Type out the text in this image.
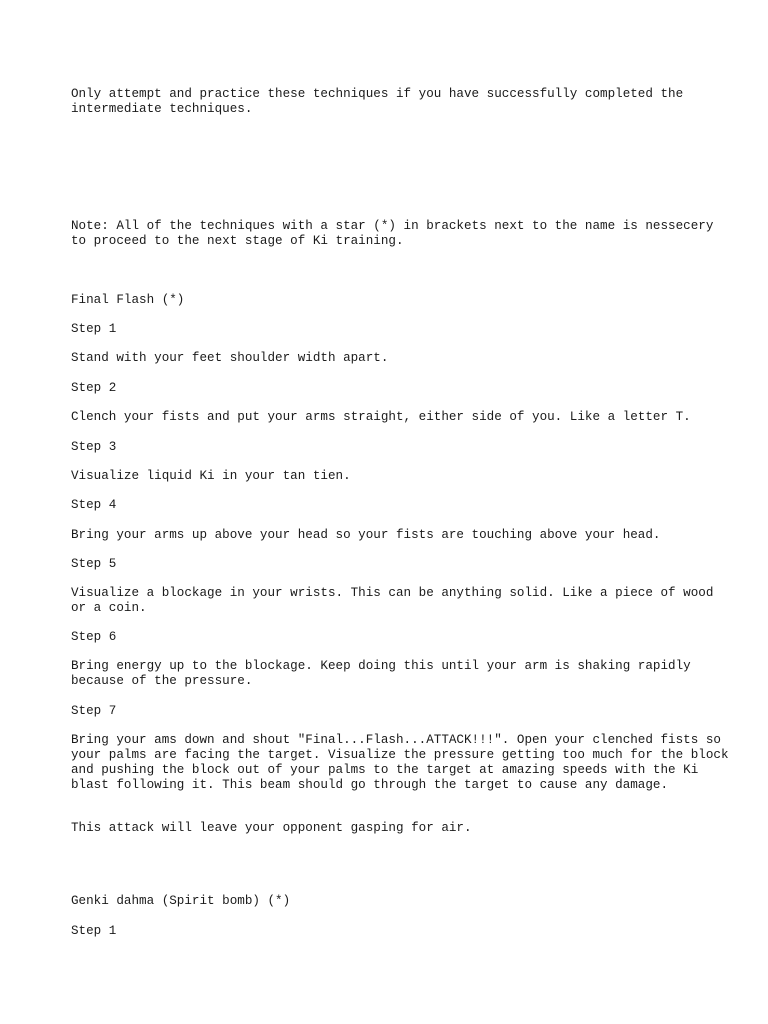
Only attempt and practice these techniques if you have successfully completed the intermediate techniques.

Note: All of the techniques with a star (*) in brackets next to the name is nessecery to proceed to the next stage of Ki training.

Final Flash (*)

Step 1

Stand with your feet shoulder width apart.

Step 2

Clench your fists and put your arms straight, either side of you. Like a letter T.

Step 3

Visualize liquid Ki in your tan tien.

Step 4

Bring your arms up above your head so your fists are touching above your head.

Step 5

Visualize a blockage in your wrists. This can be anything solid. Like a piece of wood or a coin.

Step 6

Bring energy up to the blockage. Keep doing this until your arm is shaking rapidly because of the pressure.

Step 7

Bring your ams down and shout "Final...Flash...ATTACK!!!". Open your clenched fists so your palms are facing the target. Visualize the pressure getting too much for the block and pushing the block out of your palms to the target at amazing speeds with the Ki blast following it. This beam should go through the target to cause any damage.

This attack will leave your opponent gasping for air.

Genki dahma (Spirit bomb) (*)

Step 1
